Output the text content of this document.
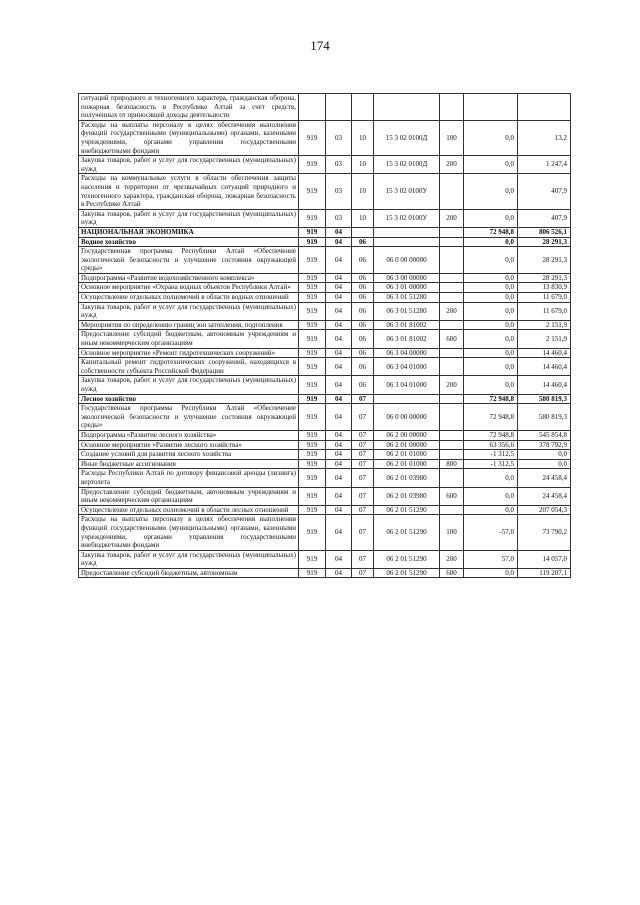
174
ситуаций природного и техногенного характера, гражданская оборона, пожарная безопасность в Республике Алтай за счет средств, полученных от приносящей доходы деятельности							
Расходы на выплаты персоналу в целях обеспечения выполнения функций государственными (муниципальными) органами, казенными учреждениями, органами управления государственными внебюджетными фондами	919	03	10	15 3 02 0100Д	100	0,0	13,2
Закупка товаров, работ и услуг для государственных (муниципальных) нужд	919	03	10	15 3 02 0100Д	200	0,0	1 247,4
Расходы на коммунальные услуги в области обеспечения защиты населения и территории от чрезвычайных ситуаций природного и техногенного характера, гражданская оборона, пожарная безопасность в Республике Алтай	919	03	10	15 3 02 0100У		0,0	407,9
Закупка товаров, работ и услуг для государственных (муниципальных) нужд	919	03	10	15 3 02 0100У	200	0,0	407,9
НАЦИОНАЛЬНАЯ ЭКОНОМИКА	919	04				72 948,8	806 526,1
Водное хозяйство	919	04	06			0,0	28 291,3
Государственная программа Республики Алтай «Обеспечение экологической безопасности и улучшение состояния окружающей среды»	919	04	06	06 0 00 00000		0,0	28 291,3
Подпрограмма «Развитие водохозяйственного комплекса»	919	04	06	06 3 00 00000		0,0	28 291,3
Основное мероприятие «Охрана водных объектов Республики Алтай»	919	04	06	06 3 01 00000		0,0	13 830,9
Осуществление отдельных полномочий в области водных отношений	919	04	06	06 3 01 51280		0,0	11 679,0
Закупка товаров, работ и услуг для государственных (муниципальных) нужд	919	04	06	06 3 01 51280	200	0,0	11 679,0
Мероприятия по определению границ зон затопления, подтопления	919	04	06	06 3 01 81002		0,0	2 151,9
Предоставление субсидий бюджетным, автономным учреждениям и иным некоммерческим организациям	919	04	06	06 3 01 81002	600	0,0	2 151,9
Основное мероприятие «Ремонт гидротехнических сооружений»	919	04	06	06 3 04 00000		0,0	14 460,4
Капитальный ремонт гидротехнических сооружений, находящихся в собственности субъекта Российской Федерации	919	04	06	06 3 04 01000		0,0	14 460,4
Закупка товаров, работ и услуг для государственных (муниципальных) нужд	919	04	06	06 3 04 01000	200	0,0	14 460,4
Лесное хозяйство	919	04	07			72 948,8	580 819,3
Государственная программа Республики Алтай «Обеспечение экологической безопасности и улучшение состояния окружающей среды»	919	04	07	06 0 00 00000		72 948,8	580 819,3
Подпрограмма «Развитие лесного хозяйства»	919	04	07	06 2 00 00000		72 948,8	545 854,8
Основное мероприятие «Развитие лесного хозяйства»	919	04	07	06 2 01 00000		63 356,6	378 792,9
Создание условий для развития лесного хозяйства	919	04	07	06 2 01 01000		-1 312,5	0,0
Иные бюджетные ассигнования	919	04	07	06 2 01 01000	800	-1 312,5	0,0
Расходы Республики Алтай по договору финансовой аренды (лизинга) вертолета	919	04	07	06 2 01 03980		0,0	24 458,4
Предоставление субсидий бюджетным, автономным учреждениям и иным некоммерческим организациям	919	04	07	06 2 01 03980	600	0,0	24 458,4
Осуществление отдельных полномочий в области лесных отношений	919	04	07	06 2 01 51290		0,0	207 054,3
Расходы на выплаты персоналу в целях обеспечения выполнения функций государственными (муниципальными) органами, казенными учреждениями, органами управления государственными внебюджетными фондами	919	04	07	06 2 01 51290	100	-57,0	73 790,2
Закупка товаров, работ и услуг для государственных (муниципальных) нужд	919	04	07	06 2 01 51290	200	57,0	14 057,0
Предоставление субсидий бюджетным, автономным	919	04	07	06 2 01 51290	600	0,0	119 207,1
